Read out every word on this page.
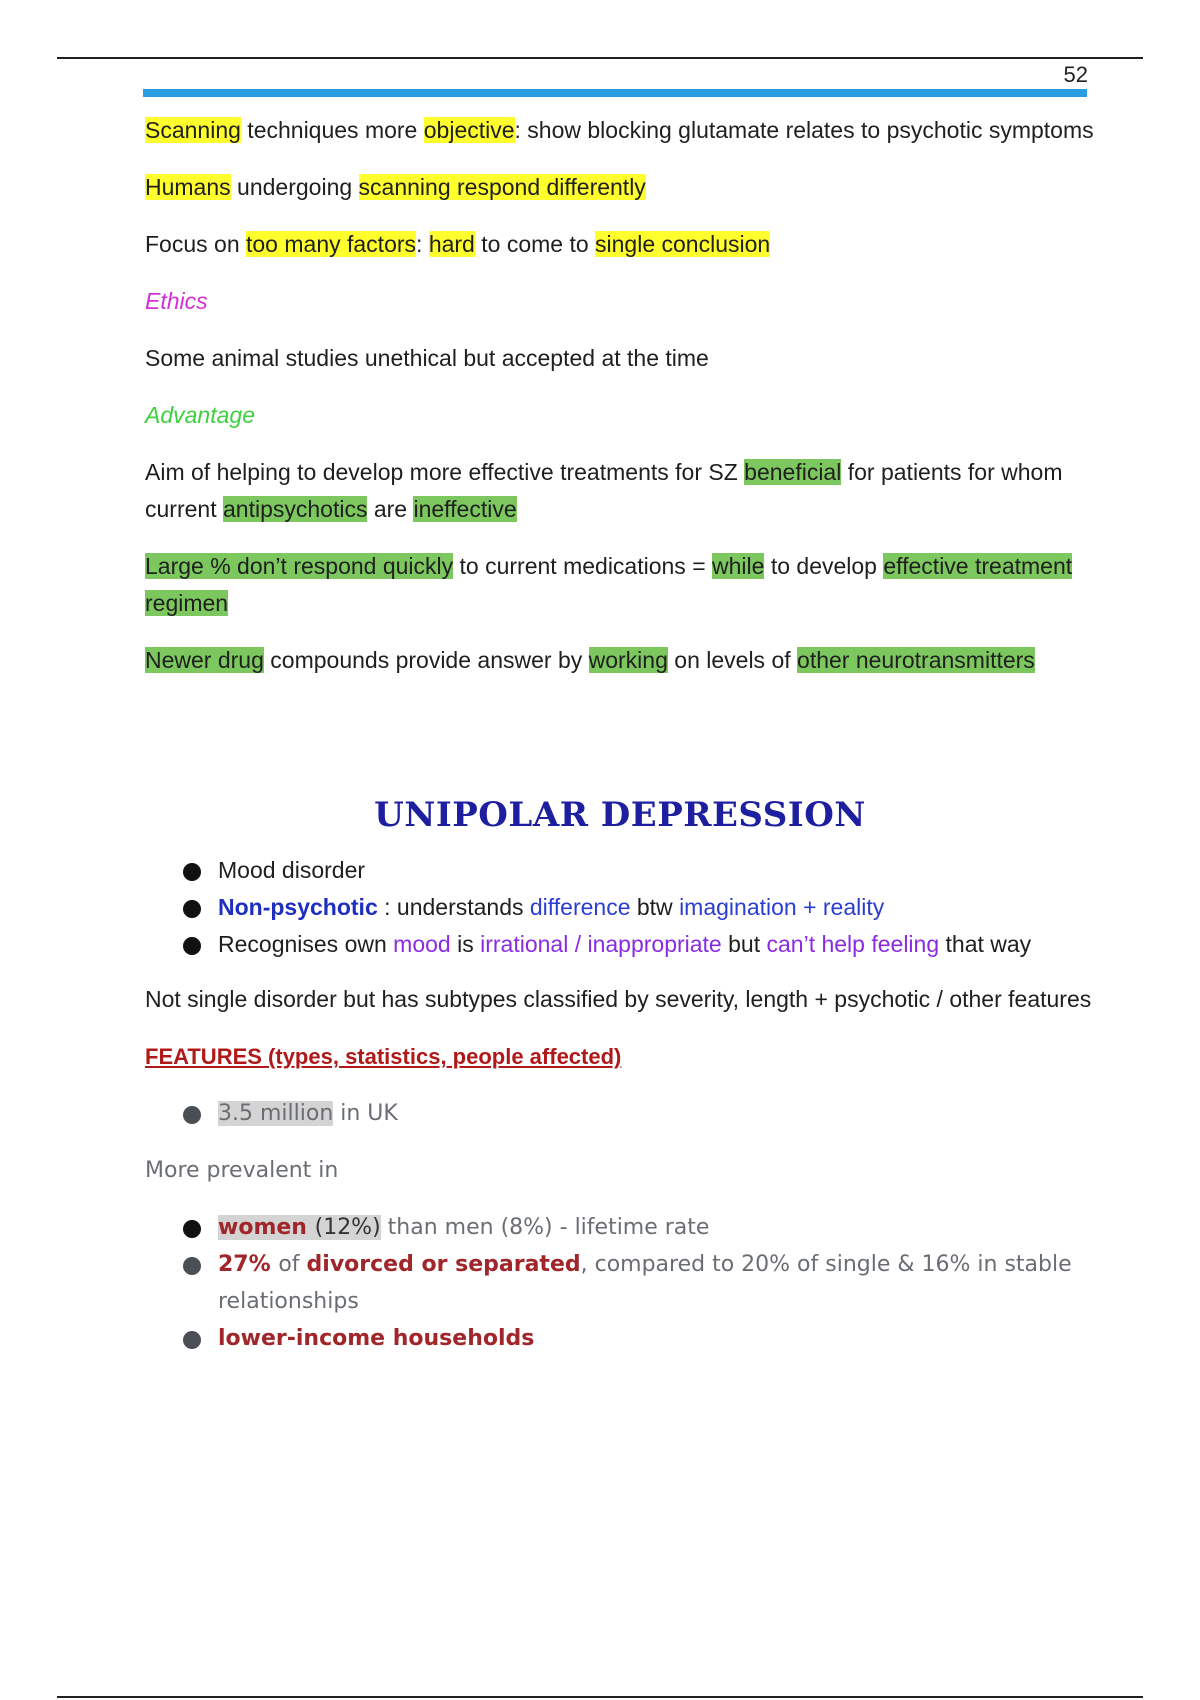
52

Scanning techniques more objective: show blocking glutamate relates to psychotic symptoms

Humans undergoing scanning respond differently

Focus on too many factors: hard to come to single conclusion

Ethics

Some animal studies unethical but accepted at the time

Advantage

Aim of helping to develop more effective treatments for SZ beneficial for patients for whom current antipsychotics are ineffective

Large % don’t respond quickly to current medications = while to develop effective treatment regimen

Newer drug compounds provide answer by working on levels of other neurotransmitters

UNIPOLAR DEPRESSION
Mood disorder
Non-psychotic : understands difference btw imagination + reality
Recognises own mood is irrational / inappropriate but can’t help feeling that way

Not single disorder but has subtypes classified by severity, length + psychotic / other features

FEATURES (types, statistics, people affected)

3.5 million in UK

More prevalent in

women (12%) than men (8%) - lifetime rate
27% of divorced or separated, compared to 20% of single & 16% in stable relationships
lower-income households
